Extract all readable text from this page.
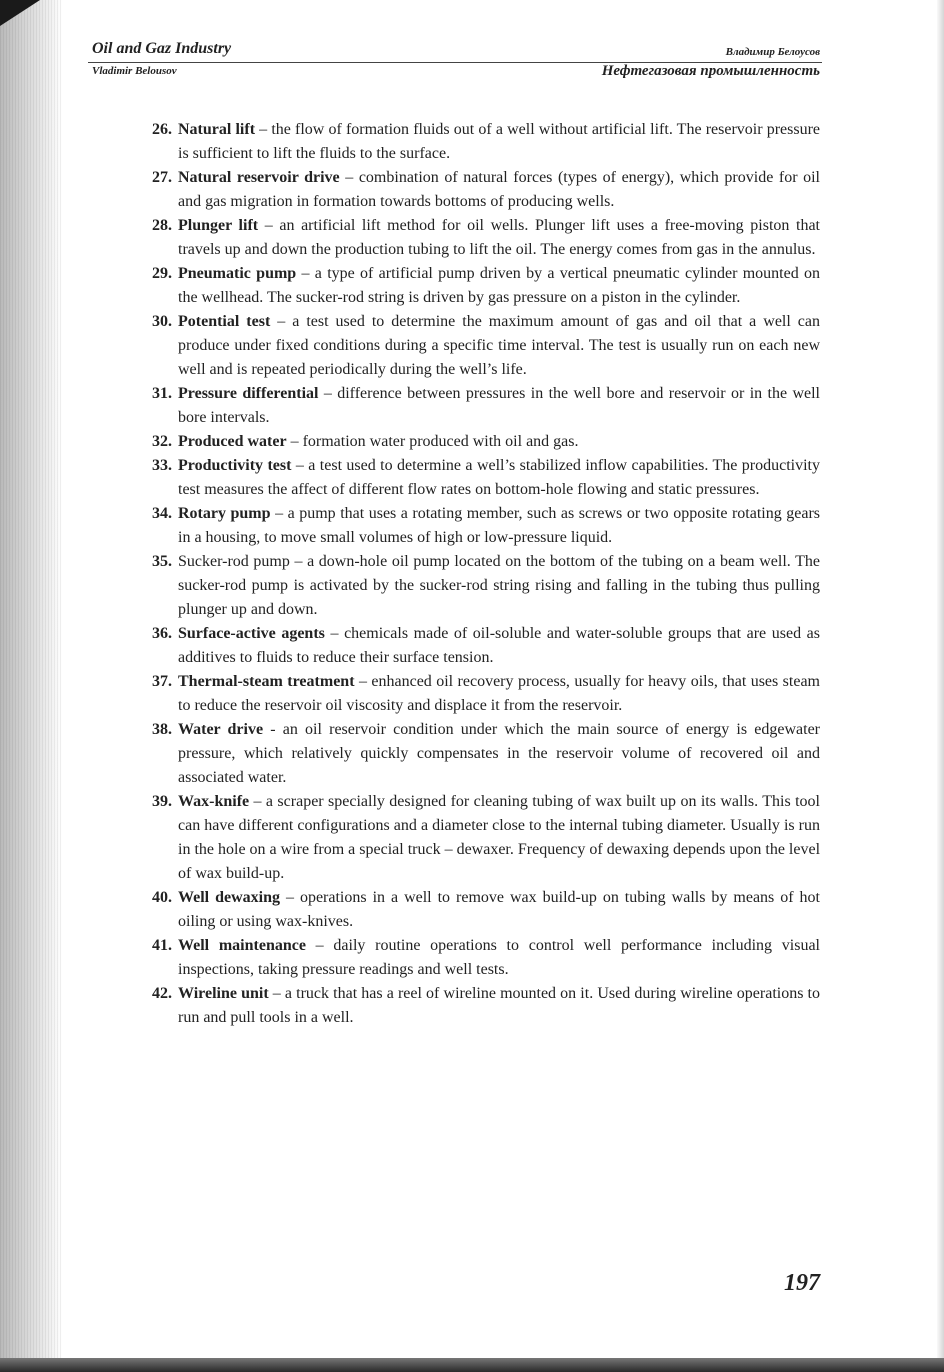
Oil and Gaz Industry	Владимир Белоусов
Vladimir Belousov	Нефтегазовая промышленность
26. Natural lift – the flow of formation fluids out of a well without artificial lift. The reservoir pressure is sufficient to lift the fluids to the surface.
27. Natural reservoir drive – combination of natural forces (types of energy), which provide for oil and gas migration in formation towards bottoms of producing wells.
28. Plunger lift – an artificial lift method for oil wells. Plunger lift uses a free-moving piston that travels up and down the production tubing to lift the oil. The energy comes from gas in the annulus.
29. Pneumatic pump – a type of artificial pump driven by a vertical pneumatic cylinder mounted on the wellhead. The sucker-rod string is driven by gas pressure on a piston in the cylinder.
30. Potential test – a test used to determine the maximum amount of gas and oil that a well can produce under fixed conditions during a specific time interval. The test is usually run on each new well and is repeated periodically during the well’s life.
31. Pressure differential – difference between pressures in the well bore and reservoir or in the well bore intervals.
32. Produced water – formation water produced with oil and gas.
33. Productivity test – a test used to determine a well’s stabilized inflow capabilities. The productivity test measures the affect of different flow rates on bottom-hole flowing and static pressures.
34. Rotary pump – a pump that uses a rotating member, such as screws or two opposite rotating gears in a housing, to move small volumes of high or low-pressure liquid.
35. Sucker-rod pump – a down-hole oil pump located on the bottom of the tubing on a beam well. The sucker-rod pump is activated by the sucker-rod string rising and falling in the tubing thus pulling plunger up and down.
36. Surface-active agents – chemicals made of oil-soluble and water-soluble groups that are used as additives to fluids to reduce their surface tension.
37. Thermal-steam treatment – enhanced oil recovery process, usually for heavy oils, that uses steam to reduce the reservoir oil viscosity and displace it from the reservoir.
38. Water drive - an oil reservoir condition under which the main source of energy is edgewater pressure, which relatively quickly compensates in the reservoir volume of recovered oil and associated water.
39. Wax-knife – a scraper specially designed for cleaning tubing of wax built up on its walls. This tool can have different configurations and a diameter close to the internal tubing diameter. Usually is run in the hole on a wire from a special truck – dewaxer. Frequency of dewaxing depends upon the level of wax build-up.
40. Well dewaxing – operations in a well to remove wax build-up on tubing walls by means of hot oiling or using wax-knives.
41. Well maintenance – daily routine operations to control well performance including visual inspections, taking pressure readings and well tests.
42. Wireline unit – a truck that has a reel of wireline mounted on it. Used during wireline operations to run and pull tools in a well.
197
